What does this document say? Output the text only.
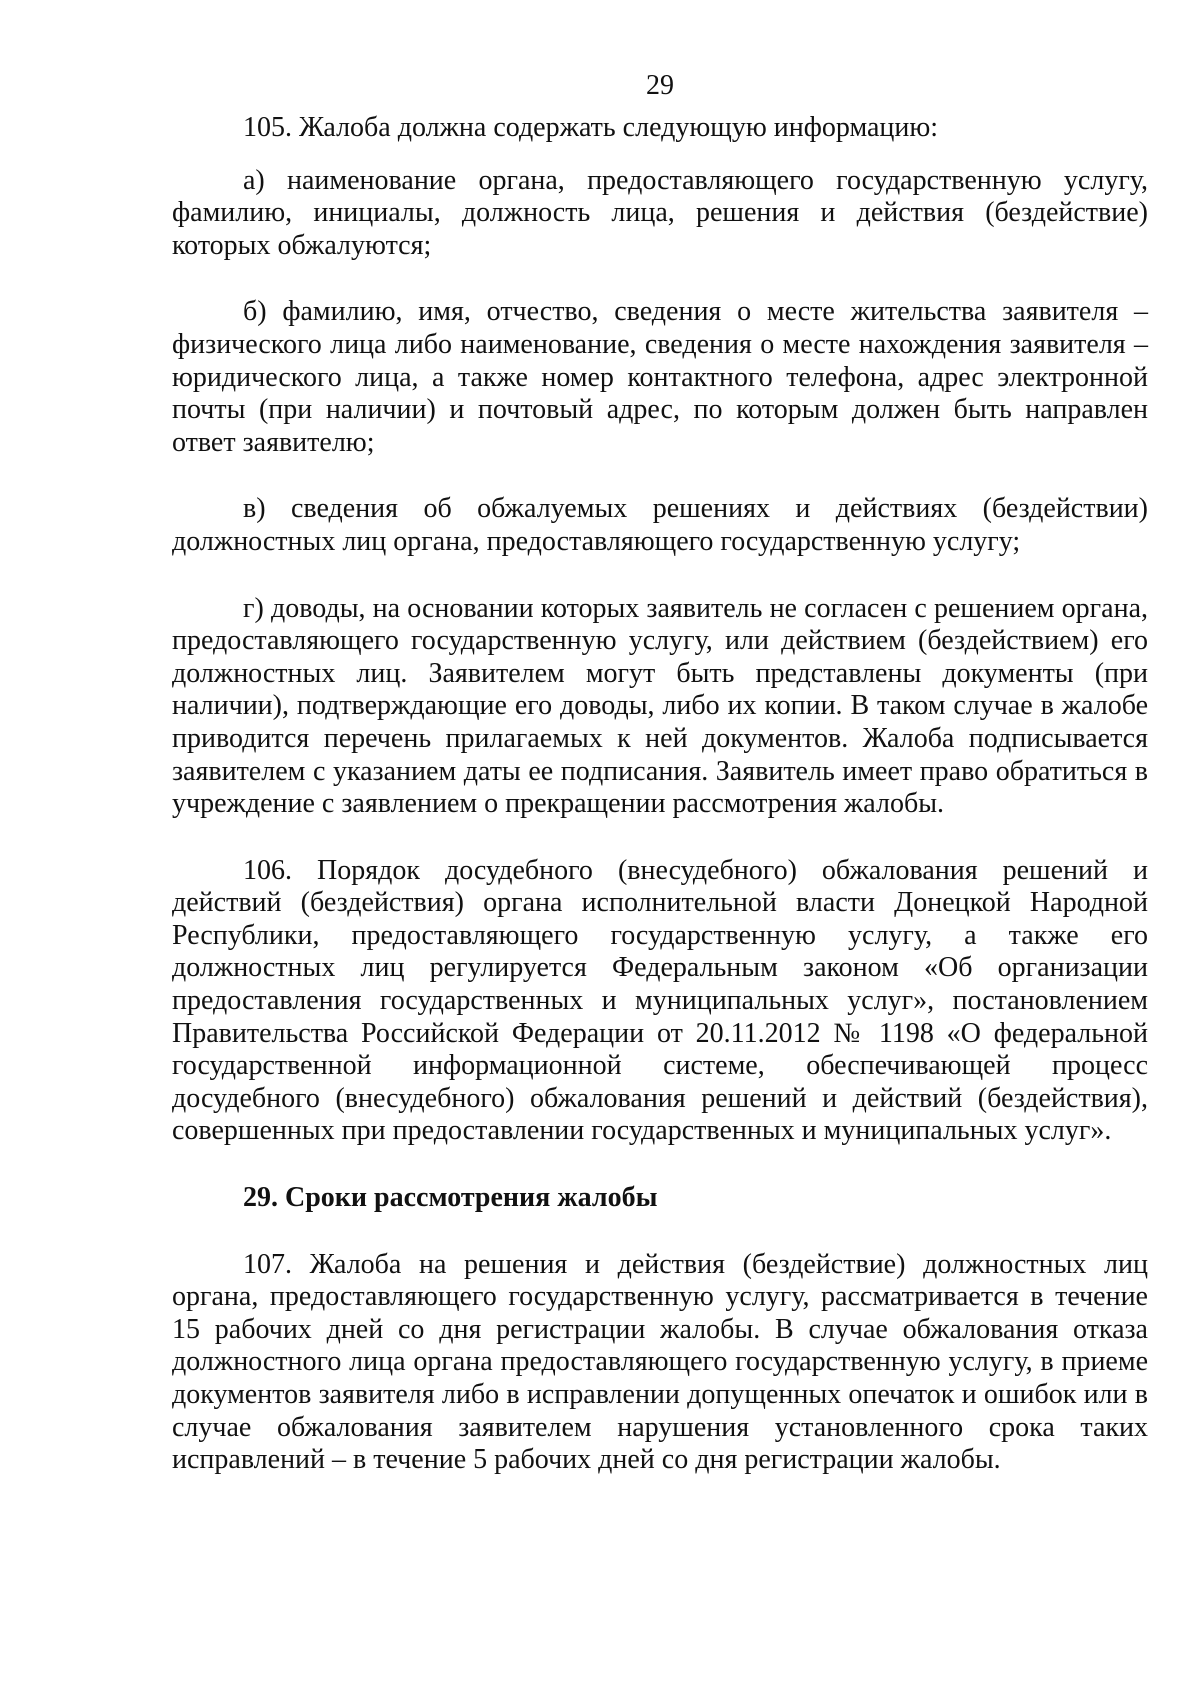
29

105. Жалоба должна содержать следующую информацию:

а) наименование органа, предоставляющего государственную услугу, фамилию, инициалы, должность лица, решения и действия (бездействие) которых обжалуются;

б) фамилию, имя, отчество, сведения о месте жительства заявителя – физического лица либо наименование, сведения о месте нахождения заявителя – юридического лица, а также номер контактного телефона, адрес электронной почты (при наличии) и почтовый адрес, по которым должен быть направлен ответ заявителю;

в) сведения об обжалуемых решениях и действиях (бездействии) должностных лиц органа, предоставляющего государственную услугу;

г) доводы, на основании которых заявитель не согласен с решением органа, предоставляющего государственную услугу, или действием (бездействием) его должностных лиц. Заявителем могут быть представлены документы (при наличии), подтверждающие его доводы, либо их копии. В таком случае в жалобе приводится перечень прилагаемых к ней документов. Жалоба подписывается заявителем с указанием даты ее подписания. Заявитель имеет право обратиться в учреждение с заявлением о прекращении рассмотрения жалобы.

106. Порядок досудебного (внесудебного) обжалования решений и действий (бездействия) органа исполнительной власти Донецкой Народной Республики, предоставляющего государственную услугу, а также его должностных лиц регулируется Федеральным законом «Об организации предоставления государственных и муниципальных услуг», постановлением Правительства Российской Федерации от 20.11.2012 № 1198 «О федеральной государственной информационной системе, обеспечивающей процесс досудебного (внесудебного) обжалования решений и действий (бездействия), совершенных при предоставлении государственных и муниципальных услуг».

29. Сроки рассмотрения жалобы

107. Жалоба на решения и действия (бездействие) должностных лиц органа, предоставляющего государственную услугу, рассматривается в течение 15 рабочих дней со дня регистрации жалобы. В случае обжалования отказа должностного лица органа предоставляющего государственную услугу, в приеме документов заявителя либо в исправлении допущенных опечаток и ошибок или в случае обжалования заявителем нарушения установленного срока таких исправлений – в течение 5 рабочих дней со дня регистрации жалобы.
